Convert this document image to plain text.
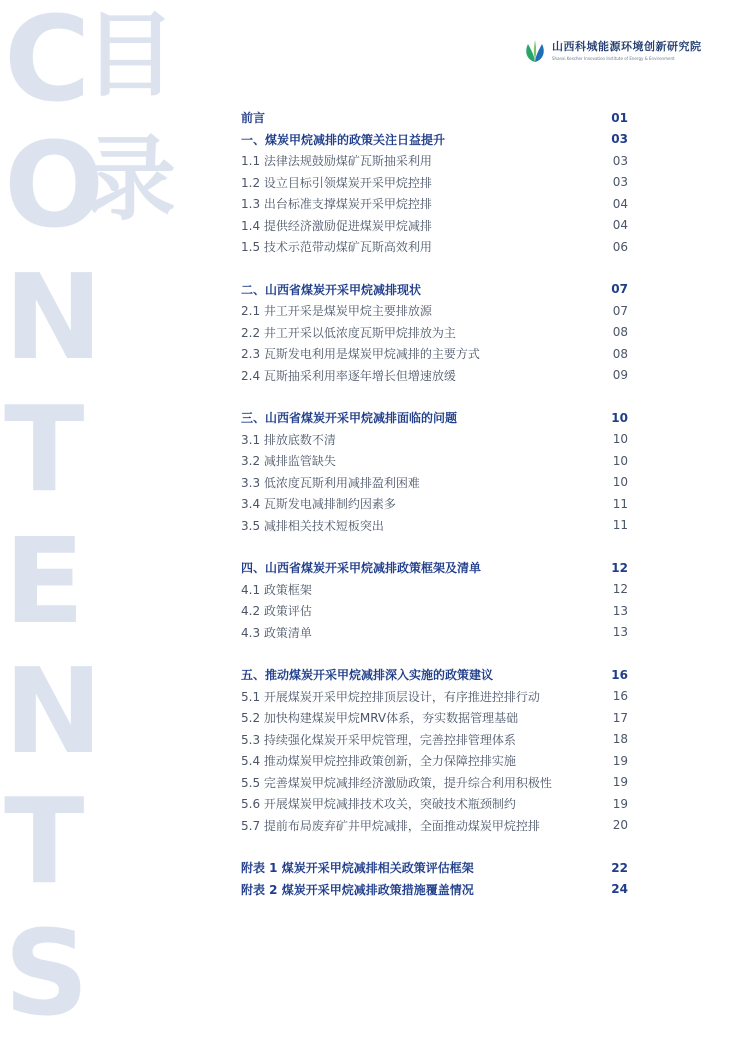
C
O
N
T
E
N
T
S
目
录
山西科城能源环境创新研究院
Shanxi Kescher Innovation Institute of Energy & Environment
前言	01
一、煤炭甲烷减排的政策关注日益提升	03
1.1 法律法规鼓励煤矿瓦斯抽采利用	03
1.2 设立目标引领煤炭开采甲烷控排	03
1.3 出台标准支撑煤炭开采甲烷控排	04
1.4 提供经济激励促进煤炭甲烷减排	04
1.5 技术示范带动煤矿瓦斯高效利用	06
二、山西省煤炭开采甲烷减排现状	07
2.1 井工开采是煤炭甲烷主要排放源	07
2.2 井工开采以低浓度瓦斯甲烷排放为主	08
2.3 瓦斯发电利用是煤炭甲烷减排的主要方式	08
2.4 瓦斯抽采利用率逐年增长但增速放缓	09
三、山西省煤炭开采甲烷减排面临的问题	10
3.1 排放底数不清	10
3.2 减排监管缺失	10
3.3 低浓度瓦斯利用减排盈利困难	10
3.4 瓦斯发电减排制约因素多	11
3.5 减排相关技术短板突出	11
四、山西省煤炭开采甲烷减排政策框架及清单	12
4.1 政策框架	12
4.2 政策评估	13
4.3 政策清单	13
五、推动煤炭开采甲烷减排深入实施的政策建议	16
5.1 开展煤炭开采甲烷控排顶层设计，有序推进控排行动	16
5.2 加快构建煤炭甲烷MRV体系，夯实数据管理基础	17
5.3 持续强化煤炭开采甲烷管理，完善控排管理体系	18
5.4 推动煤炭甲烷控排政策创新，全力保障控排实施	19
5.5 完善煤炭甲烷减排经济激励政策，提升综合利用积极性	19
5.6 开展煤炭甲烷减排技术攻关，突破技术瓶颈制约	19
5.7 提前布局废弃矿井甲烷减排，全面推动煤炭甲烷控排	20
附表 1 煤炭开采甲烷减排相关政策评估框架	22
附表 2 煤炭开采甲烷减排政策措施覆盖情况	24
